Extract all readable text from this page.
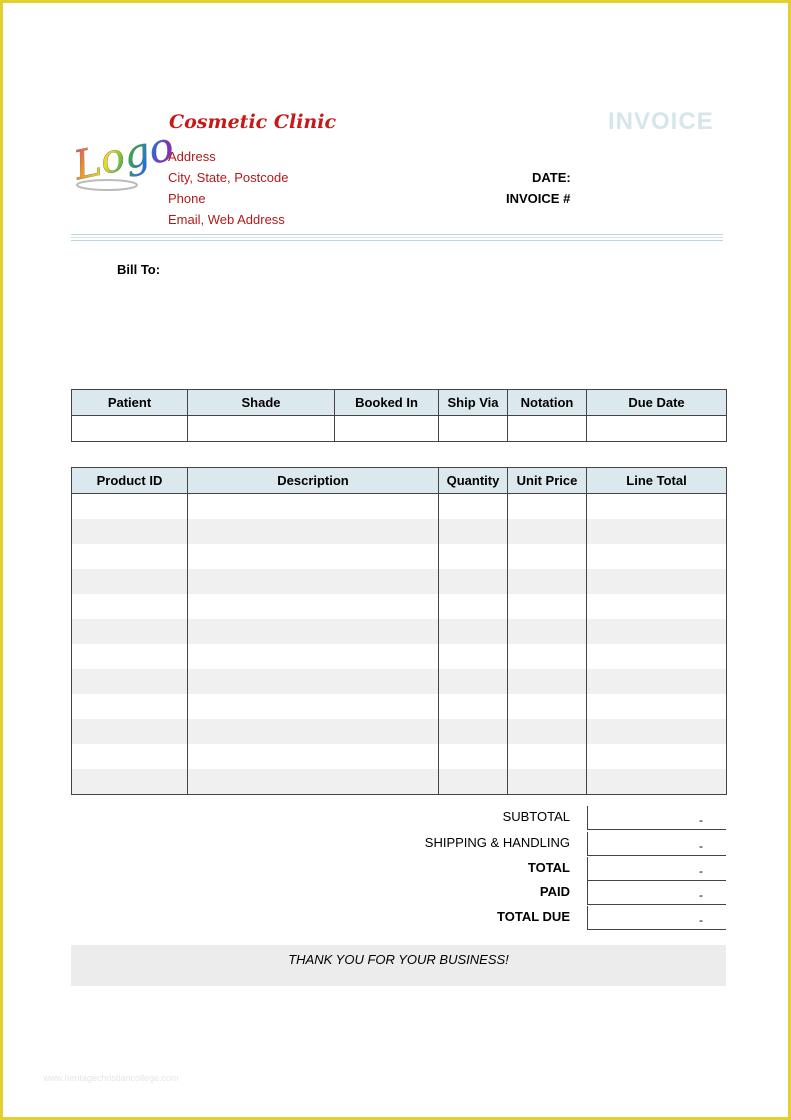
Logo
Cosmetic Clinic
Address
City, State, Postcode
Phone
Email, Web Address
INVOICE
DATE:
INVOICE #
Bill To:
Patient	Shade	Booked In	Ship Via	Notation	Due Date

Product ID	Description	Quantity	Unit Price	Line Total

SUBTOTAL	-
SHIPPING & HANDLING	-
TOTAL	-
PAID	-
TOTAL DUE	-
THANK YOU FOR YOUR BUSINESS!
www.heritagechristiancollege.com
